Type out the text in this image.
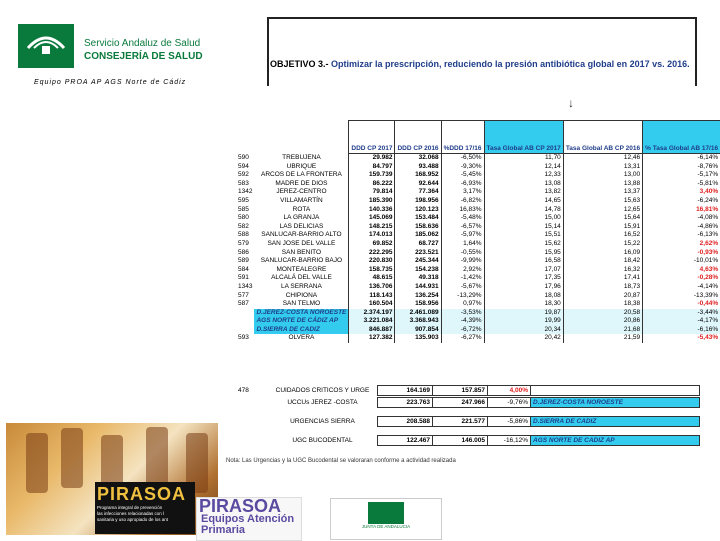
Servicio Andaluz de Salud
CONSEJERÍA DE SALUD
Equipo PROA AP AGS Norte de Cádiz
OBJETIVO 3.- Optimizar la prescripción, reduciendo la presión antibiótica global en 2017 vs. 2016.
↓
		DDD CP 2017	DDD CP 2016	%DDD 17/16	Tasa Global AB CP 2017	Tasa Global AB CP 2016	% Tasa Global AB 17/16
590	TREBUJENA	29.982	32.068	-6,50%	11,70	12,46	-6,14%
594	UBRIQUE	84.797	93.488	-9,30%	12,14	13,31	-8,76%
592	ARCOS DE LA FRONTERA	159.739	168.952	-5,45%	12,33	13,00	-5,17%
583	MADRE DE DIOS	86.222	92.644	-6,93%	13,08	13,88	-5,81%
1342	JEREZ-CENTRO	79.814	77.364	3,17%	13,82	13,37	3,40%
595	VILLAMARTÍN	185.390	198.956	-6,82%	14,65	15,63	-6,24%
585	ROTA	140.336	120.123	16,83%	14,78	12,65	16,81%
580	LA GRANJA	145.069	153.484	-5,48%	15,00	15,64	-4,08%
582	LAS DELICIAS	148.215	158.636	-6,57%	15,14	15,91	-4,86%
588	SANLUCAR-BARRIO ALTO	174.013	185.062	-5,97%	15,51	16,52	-6,13%
579	SAN JOSE DEL VALLE	69.852	68.727	1,64%	15,62	15,22	2,62%
586	SAN BENITO	222.295	223.521	-0,55%	15,95	16,09	-0,93%
589	SANLUCAR-BARRIO BAJO	220.830	245.344	-9,99%	16,58	18,42	-10,01%
584	MONTEALEGRE	158.735	154.238	2,92%	17,07	16,32	4,63%
591	ALCALÁ DEL VALLE	48.615	49.318	-1,42%	17,35	17,41	-0,28%
1343	LA SERRANA	136.706	144.931	-5,67%	17,96	18,73	-4,14%
577	CHIPIONA	118.143	136.254	-13,29%	18,08	20,87	-13,39%
587	SAN TELMO	160.504	158.956	0,97%	18,30	18,38	-0,44%
	D.JEREZ-COSTA NOROESTE	2.374.197	2.461.089	-3,53%	19,87	20,58	-3,44%
	AGS NORTE DE CÁDIZ AP	3.221.084	3.368.943	-4,39%	19,99	20,86	-4,17%
	D.SIERRA DE CADIZ	846.887	907.854	-6,72%	20,34	21,68	-6,16%
593	OLVERA	127.382	135.903	-6,27%	20,42	21,59	-5,43%
478	CUIDADOS CRITICOS Y URGE	164.169	157.857	4,00%	
	UCCUs JEREZ -COSTA	223.763	247.966	-9,76%	D.JEREZ-COSTA NOROESTE
	URGENCIAS SIERRA	208.588	221.577	-5,86%	D.SIERRA DE CADIZ
	UGC BUCODENTAL	122.467	146.005	-16,12%	AGS NORTE DE CADIZ AP
Nota: Las Urgencias y la UGC Bucodental se valoraran conforme a actividad realizada
PIRASOA
Programa integral de prevención
las infecciones relacionadas con l
sanitaria y uso apropiado de los ant
PIRASOA
Equipos Atención
Primaria	JUNTA DE ANDALUCIA
